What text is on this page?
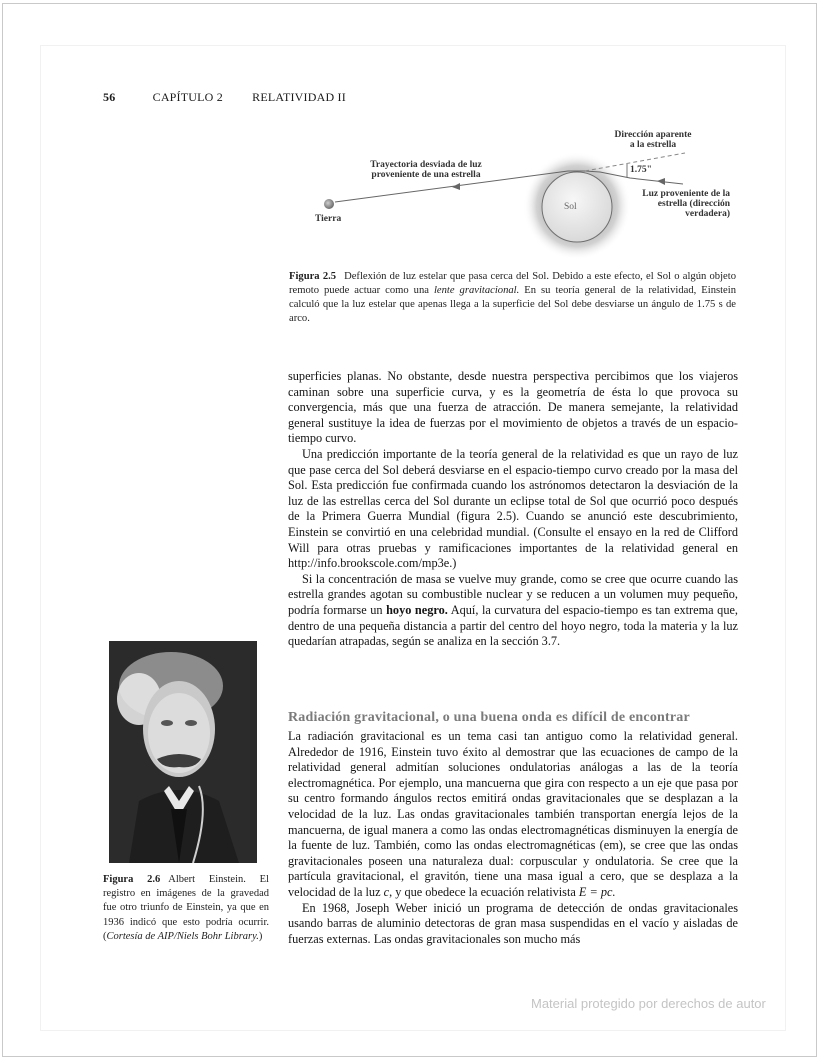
56	CAPÍTULO 2 RELATIVIDAD II
Dirección aparente
a la estrella
1.75"
Trayectoria desviada de luz
proveniente de una estrella
Sol
Tierra
Luz proveniente de la
estrella (dirección
verdadera)
Figura 2.5 Deflexión de luz estelar que pasa cerca del Sol. Debido a este efecto, el Sol o algún objeto remoto puede actuar como una lente gravitacional. En su teoría general de la relatividad, Einstein calculó que la luz estelar que apenas llega a la superficie del Sol debe desviarse un ángulo de 1.75 s de arco.

superficies planas. No obstante, desde nuestra perspectiva percibimos que los viajeros caminan sobre una superficie curva, y es la geometría de ésta lo que provoca su convergencia, más que una fuerza de atracción. De manera semejante, la relatividad general sustituye la idea de fuerzas por el movimiento de objetos a través de un espacio-tiempo curvo.

Una predicción importante de la teoría general de la relatividad es que un rayo de luz que pase cerca del Sol deberá desviarse en el espacio-tiempo curvo creado por la masa del Sol. Esta predicción fue confirmada cuando los astrónomos detectaron la desviación de la luz de las estrellas cerca del Sol durante un eclipse total de Sol que ocurrió poco después de la Primera Guerra Mundial (figura 2.5). Cuando se anunció este descubrimiento, Einstein se convirtió en una celebridad mundial. (Consulte el ensayo en la red de Clifford Will para otras pruebas y ramificaciones importantes de la relatividad general en http://info.brookscole.com/mp3e.)

Si la concentración de masa se vuelve muy grande, como se cree que ocurre cuando las estrella grandes agotan su combustible nuclear y se reducen a un volumen muy pequeño, podría formarse un hoyo negro. Aquí, la curvatura del espacio-tiempo es tan extrema que, dentro de una pequeña distancia a partir del centro del hoyo negro, toda la materia y la luz quedarían atrapadas, según se analiza en la sección 3.7.

Radiación gravitacional, o una buena onda es difícil de encontrar

La radiación gravitacional es un tema casi tan antiguo como la relatividad general. Alrededor de 1916, Einstein tuvo éxito al demostrar que las ecuaciones de campo de la relatividad general admitían soluciones ondulatorias análogas a las de la teoría electromagnética. Por ejemplo, una mancuerna que gira con respecto a un eje que pasa por su centro formando ángulos rectos emitirá ondas gravitacionales que se desplazan a la velocidad de la luz. Las ondas gravitacionales también transportan energía lejos de la mancuerna, de igual manera a como las ondas electromagnéticas disminuyen la energía de la fuente de luz. También, como las ondas electromagnéticas (em), se cree que las ondas gravitacionales poseen una naturaleza dual: corpuscular y ondulatoria. Se cree que la partícula gravitacional, el gravitón, tiene una masa igual a cero, que se desplaza a la velocidad de la luz c, y que obedece la ecuación relativista E = pc.

En 1968, Joseph Weber inició un programa de detección de ondas gravitacionales usando barras de aluminio detectoras de gran masa suspendidas en el vacío y aisladas de fuerzas externas. Las ondas gravitacionales son mucho más

Figura 2.6 Albert Einstein. El registro en imágenes de la gravedad fue otro triunfo de Einstein, ya que en 1936 indicó que esto podría ocurrir. (Cortesía de AIP/Niels Bohr Library.)
Material protegido por derechos de autor
